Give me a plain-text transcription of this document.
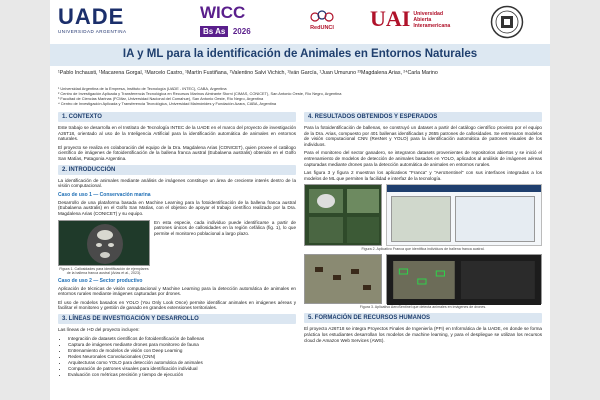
UADE
UNIVERSIDAD ARGENTINA
WICC
Bs As 2026	RedUNCI UAI Universidad
Abierta
Interamericana
IA y ML para la identificación de Animales en Entornos Naturales
¹Pablo Inchausti, ¹Macarena Gorgal, ¹Marcelo Castro, ¹Martín Fustiñana, ¹Valentino Salvi Vichich, ¹Iván García, ¹Juan Umuruno ²³Magdalena Arias, ²⁴Carla Marino
¹ Universidad Argentina de la Empresa, Instituto de Tecnología (UADE - INTEC), CABA, Argentina
² Centro de Investigación Aplicada y Transferencia Tecnológica en Recursos Marinos Almirante Storni (CIMAS, CONICET), San Antonio Oeste, Río Negro, Argentina
³ Facultad de Ciencias Marinas (FCMar, Universidad Nacional del Comahue), San Antonio Oeste, Río Negro, Argentina
⁴ Centro de Investigación Aplicada y Transferencia Tecnológica, Universidad Maimónides y Fundación Azara, CABA, Argentina
1. CONTEXTO
Este trabajo se desarrolla en el Instituto de Tecnología INTEC de la UADE en el marco del proyecto de investigación A26T18, orientado al uso de la Inteligencia Artificial para la identificación automática de animales en entornos naturales.
El proyecto se realiza en colaboración del equipo de la Dra. Magdalena Arias (CONICET), quien provee el catálogo científico de imágenes de fotoidentificación de la ballena franca austral (Eubalaena australis) obtenido en el Golfo San Matías, Patagonia Argentina.
2. INTRODUCCIÓN
La identificación de animales mediante análisis de imágenes constituye un área de creciente interés dentro de la visión computacional.
Caso de uso 1 — Conservación marina
Desarrollo de una plataforma basada en Machine Learning para la fotoidentificación de la ballena franca austral (Eubalaena australis) en el Golfo San Matías, con el objetivo de apoyar el trabajo científico realizado por la Dra. Magdalena Arias (CONICET) y su equipo.
Figura 1. Callosidades para identificación de ejemplares de la ballena franca austral (Arias et al., 2023).
En esta especie, cada individuo puede identificarse a partir de patrones únicos de callosidades en la región cefálica (fig. 1), lo que permite el monitoreo poblacional a largo plazo.
Caso de uso 2 — Sector productivo
Aplicación de técnicas de visión computacional y Machine Learning para la detección automática de animales en entornos rurales mediante imágenes capturadas por drones.
El uso de modelos basados en YOLO (You Only Look Once) permite identificar animales en imágenes aéreas y facilitar el monitoreo y gestión de ganado en grandes extensiones territoriales.
3. LÍNEAS DE INVESTIGACIÓN Y DESARROLLO
Las líneas de I+D del proyecto incluyen:
• Integración de datasets científicos de fotoidentificación de ballenas
• Captura de imágenes mediante drones para monitoreo de fauna
• Entrenamiento de modelos de visión con Deep Learning
• Redes Neuronales Convolucionales (CNN)
• Arquitecturas como YOLO para detección automática de animales
• Comparación de patrones visuales para identificación individual
• Evaluación con métricas precisión y tiempo de ejecución
4. RESULTADOS OBTENIDOS Y ESPERADOS
Para la fotoidentificación de ballenas, se construyó un dataset a partir del catálogo científico provisto por el equipo de la Dra. Arias, compuesto por 401 ballenas identificadas y 2655 patrones de callosidades. Se entrenaron modelos de visión computacional CNN (ResNet y YOLO) para la identificación automática de patrones visuales de los individuos.
Para el monitoreo del sector ganadero, se integraron datasets provenientes de repositorios abiertos y se inició el entrenamiento de modelos de detección de animales basados en YOLO, aplicados al análisis de imágenes aéreas capturadas mediante drones para la detección automática de animales en entornos rurales.
Las figura 3 y figura 2 muestran los aplicativos "Franca" y "AeroSentinel" con sus interfaces integradas a los modelos de ML que permiten la facilidad e interfaz de la tecnología.
Figura 2. Aplicativo Franca que identifica individuos de ballena franca austral.
Figura 3. Aplicativo AeroSentinel que detecta animales en imágenes de drones.
5. FORMACIÓN DE RECURSOS HUMANOS
El proyecto A26T18 se integra Proyectos Finales de Ingeniería (PFI) en Informática de la UADE, en donde se forma práctica los estudiantes desarrollan los modelos de machine learning, y para el despliegue se utilizan los recursos cloud de Amazon Web Services (AWS).
